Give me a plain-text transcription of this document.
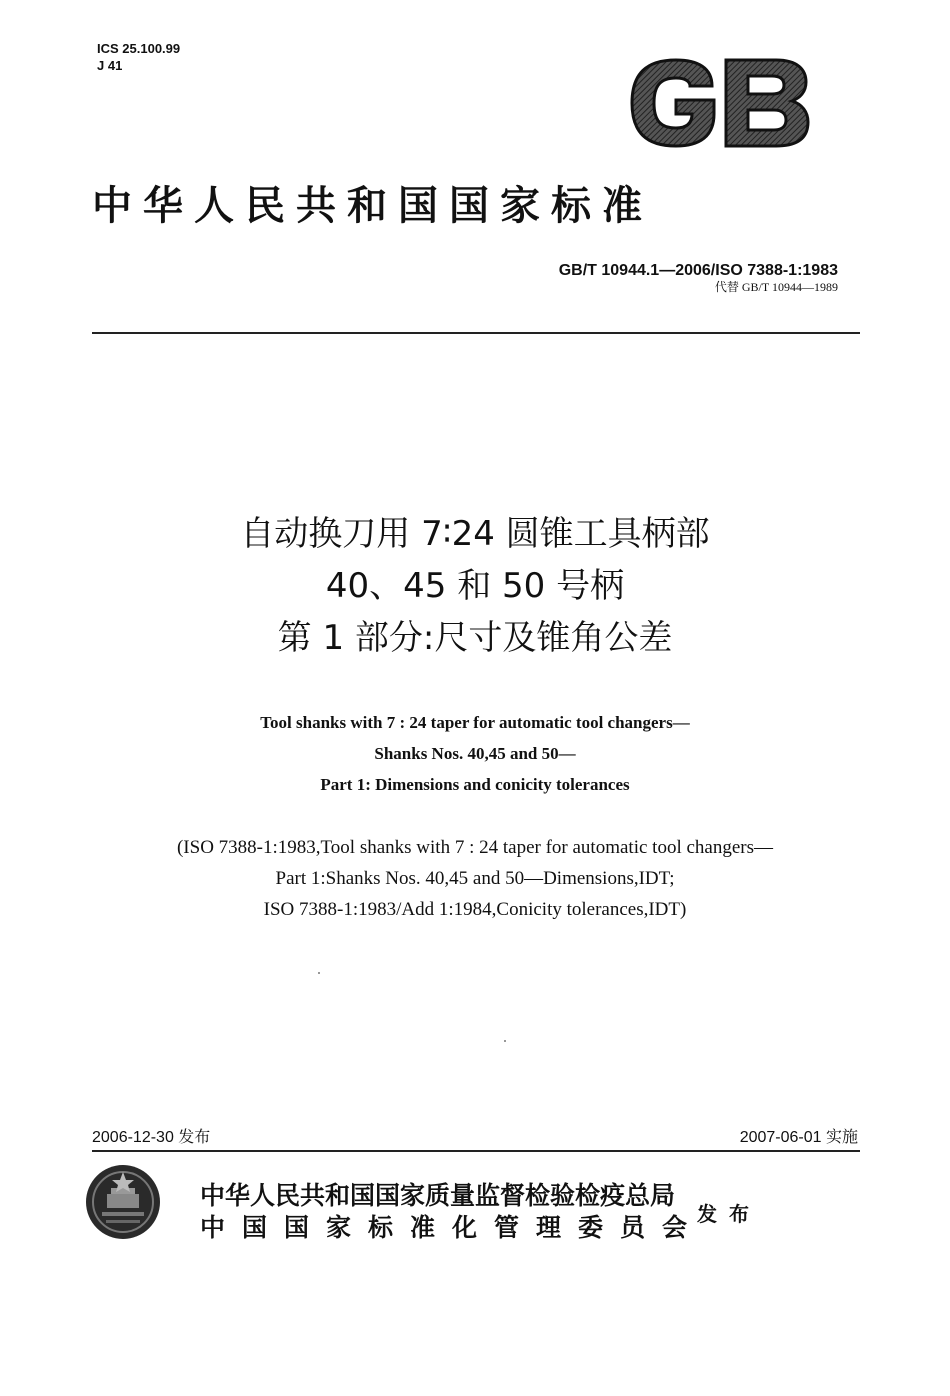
ICS 25.100.99
J 41
中华人民共和国国家标准
GB/T 10944.1—2006/ISO 7388-1:1983
代替 GB/T 10944—1989
自动换刀用 7∶24 圆锥工具柄部
40、45 和 50 号柄
第 1 部分:尺寸及锥角公差
Tool shanks with 7 : 24 taper for automatic tool changers—
Shanks Nos. 40,45 and 50—
Part 1: Dimensions and conicity tolerances
(ISO 7388-1:1983,Tool shanks with 7 : 24 taper for automatic tool changers—
Part 1:Shanks Nos. 40,45 and 50—Dimensions,IDT;
ISO 7388-1:1983/Add 1:1984,Conicity tolerances,IDT)
2006-12-30 发布	2007-06-01 实施
中华人民共和国国家质量监督检验检疫总局
中国国家标准化管理委员会
发布
